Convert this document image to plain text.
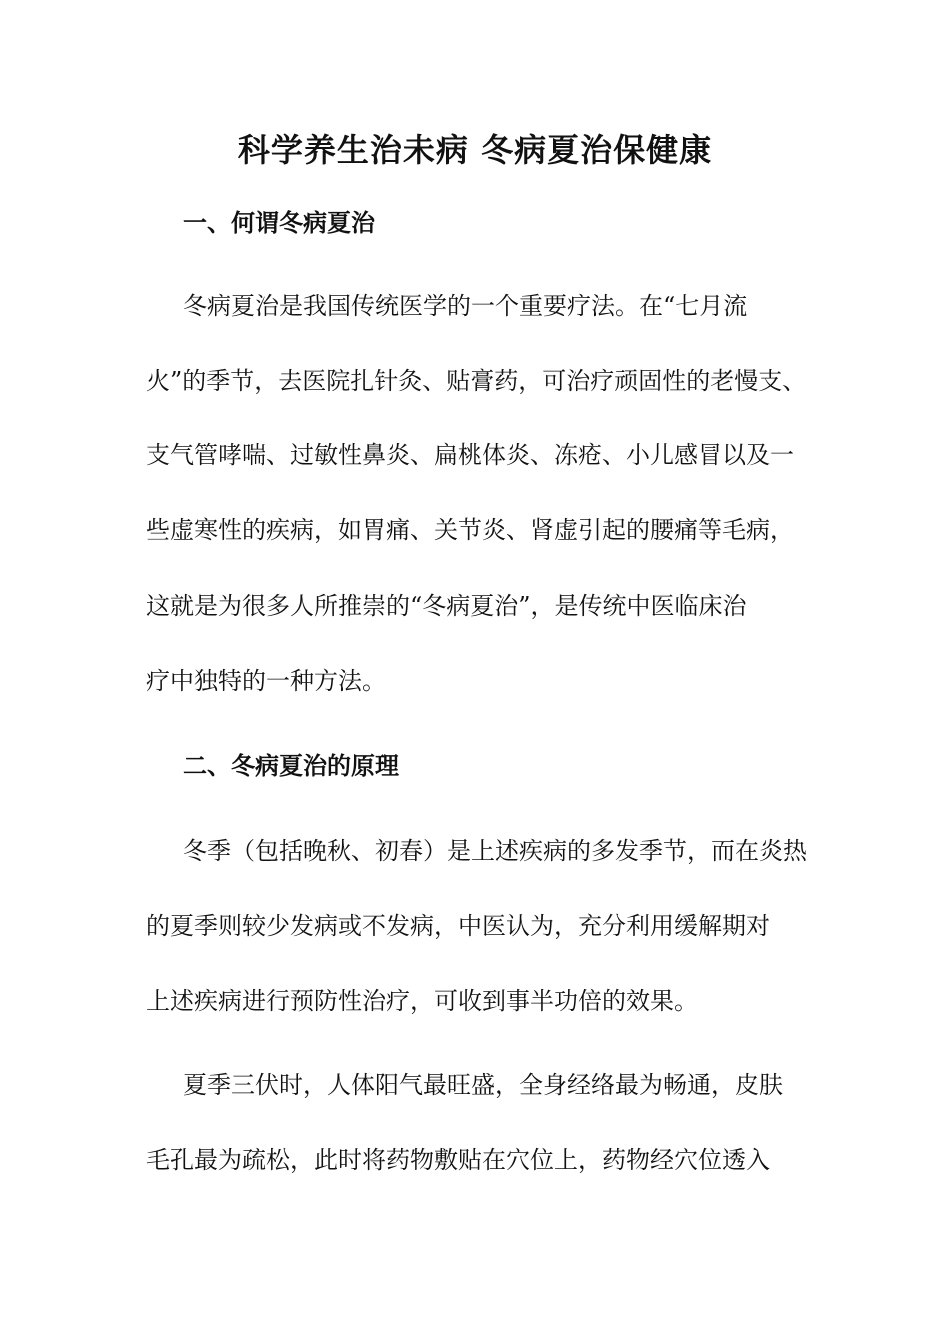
科学养生治未病 冬病夏治保健康
一、何谓冬病夏治
冬病夏治是我国传统医学的一个重要疗法。在“七月流
火”的季节，去医院扎针灸、贴膏药，可治疗顽固性的老慢支、
支气管哮喘、过敏性鼻炎、扁桃体炎、冻疮、小儿感冒以及一
些虚寒性的疾病，如胃痛、关节炎、肾虚引起的腰痛等毛病，
这就是为很多人所推崇的“冬病夏治”，是传统中医临床治
疗中独特的一种方法。
二、冬病夏治的原理
冬季（包括晚秋、初春）是上述疾病的多发季节，而在炎热
的夏季则较少发病或不发病，中医认为，充分利用缓解期对
上述疾病进行预防性治疗，可收到事半功倍的效果。
夏季三伏时，人体阳气最旺盛，全身经络最为畅通，皮肤
毛孔最为疏松，此时将药物敷贴在穴位上，药物经穴位透入
